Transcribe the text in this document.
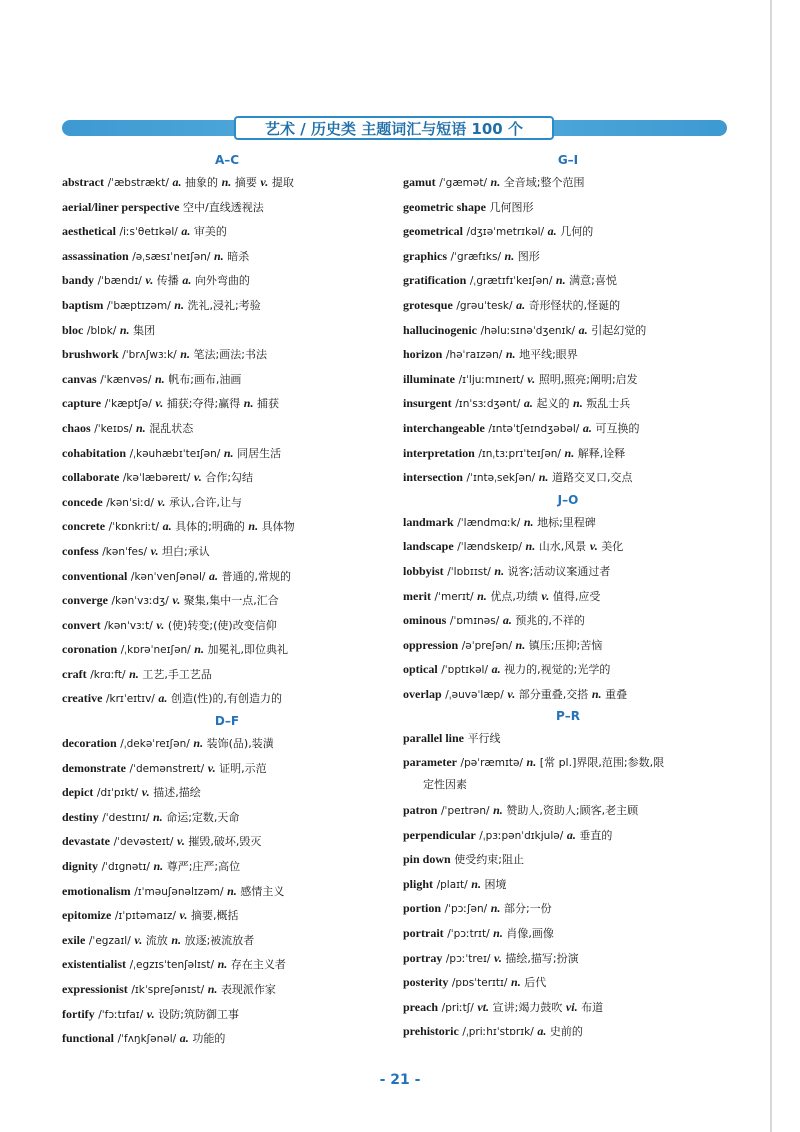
艺术 / 历史类 主题词汇与短语 100 个
A–C
abstract /ˈæbstrækt/ a. 抽象的 n. 摘要 v. 提取
aerial/liner perspective 空中/直线透视法
aesthetical /iːsˈθetɪkəl/ a. 审美的
assassination /əˌsæsɪˈneɪʃən/ n. 暗杀
bandy /ˈbændɪ/ v. 传播 a. 向外弯曲的
baptism /ˈbæptɪzəm/ n. 洗礼,浸礼;考验
bloc /blɒk/ n. 集团
brushwork /ˈbrʌʃwɜːk/ n. 笔法;画法;书法
canvas /ˈkænvəs/ n. 帆布;画布,油画
capture /ˈkæptʃə/ v. 捕获;夺得;赢得 n. 捕获
chaos /ˈkeɪɒs/ n. 混乱状态
cohabitation /ˌkəuhæbɪˈteɪʃən/ n. 同居生活
collaborate /kəˈlæbəreɪt/ v. 合作;勾结
concede /kənˈsiːd/ v. 承认,合许,让与
concrete /ˈkɒnkriːt/ a. 具体的;明确的 n. 具体物
confess /kənˈfes/ v. 坦白;承认
conventional /kənˈvenʃənəl/ a. 普通的,常规的
converge /kənˈvɜːdʒ/ v. 聚集,集中一点,汇合
convert /kənˈvɜːt/ v. (使)转变;(使)改变信仰
coronation /ˌkɒrəˈneɪʃən/ n. 加冕礼,即位典礼
craft /krɑːft/ n. 工艺,手工艺品
creative /krɪˈeɪtɪv/ a. 创造(性)的,有创造力的
D–F
decoration /ˌdekəˈreɪʃən/ n. 装饰(品),装潢
demonstrate /ˈdemənstreɪt/ v. 证明,示范
depict /dɪˈpɪkt/ v. 描述,描绘
destiny /ˈdestɪnɪ/ n. 命运;定数,天命
devastate /ˈdevəsteɪt/ v. 摧毁,破坏,毁灭
dignity /ˈdɪgnətɪ/ n. 尊严;庄严;高位
emotionalism /ɪˈməuʃənəlɪzəm/ n. 感情主义
epitomize /ɪˈpɪtəmaɪz/ v. 摘要,概括
exile /ˈegzaɪl/ v. 流放 n. 放逐;被流放者
existentialist /ˌegzɪsˈtenʃəlɪst/ n. 存在主义者
expressionist /ɪkˈspreʃənɪst/ n. 表现派作家
fortify /ˈfɔːtɪfaɪ/ v. 设防;筑防御工事
functional /ˈfʌŋkʃənəl/ a. 功能的
G–I
gamut /ˈgæmət/ n. 全音域;整个范围
geometric shape 几何图形
geometrical /dʒɪəˈmetrɪkəl/ a. 几何的
graphics /ˈgræfɪks/ n. 图形
gratification /ˌgrætɪfɪˈkeɪʃən/ n. 满意;喜悦
grotesque /grəuˈtesk/ a. 奇形怪状的,怪诞的
hallucinogenic /həluːsɪnəˈdʒenɪk/ a. 引起幻觉的
horizon /həˈraɪzən/ n. 地平线;眼界
illuminate /ɪˈljuːmɪneɪt/ v. 照明,照亮;阐明;启发
insurgent /ɪnˈsɜːdʒənt/ a. 起义的 n. 叛乱士兵
interchangeable /ɪntəˈtʃeɪndʒəbəl/ a. 可互换的
interpretation /ɪnˌtɜːprɪˈteɪʃən/ n. 解释,诠释
intersection /ˈɪntəˌsekʃən/ n. 道路交叉口,交点
J–O
landmark /ˈlændmɑːk/ n. 地标;里程碑
landscape /ˈlændskeɪp/ n. 山水,风景 v. 美化
lobbyist /ˈlɒbɪɪst/ n. 说客;活动议案通过者
merit /ˈmerɪt/ n. 优点,功绩 v. 值得,应受
ominous /ˈɒmɪnəs/ a. 预兆的,不祥的
oppression /əˈpreʃən/ n. 镇压;压抑;苦恼
optical /ˈɒptɪkəl/ a. 视力的,视觉的;光学的
overlap /ˌəuvəˈlæp/ v. 部分重叠,交搭 n. 重叠
P–R
parallel line 平行线
parameter /pəˈræmɪtə/ n. [常 pl.]界限,范围;参数,限
定性因素
patron /ˈpeɪtrən/ n. 赞助人,资助人;顾客,老主顾
perpendicular /ˌpɜːpənˈdɪkjulə/ a. 垂直的
pin down 使受约束;阻止
plight /plaɪt/ n. 困境
portion /ˈpɔːʃən/ n. 部分;一份
portrait /ˈpɔːtrɪt/ n. 肖像,画像
portray /pɔːˈtreɪ/ v. 描绘,描写;扮演
posterity /pɒsˈterɪtɪ/ n. 后代
preach /priːtʃ/ vt. 宣讲;竭力鼓吹 vi. 布道
prehistoric /ˌpriːhɪˈstɒrɪk/ a. 史前的
- 21 -
